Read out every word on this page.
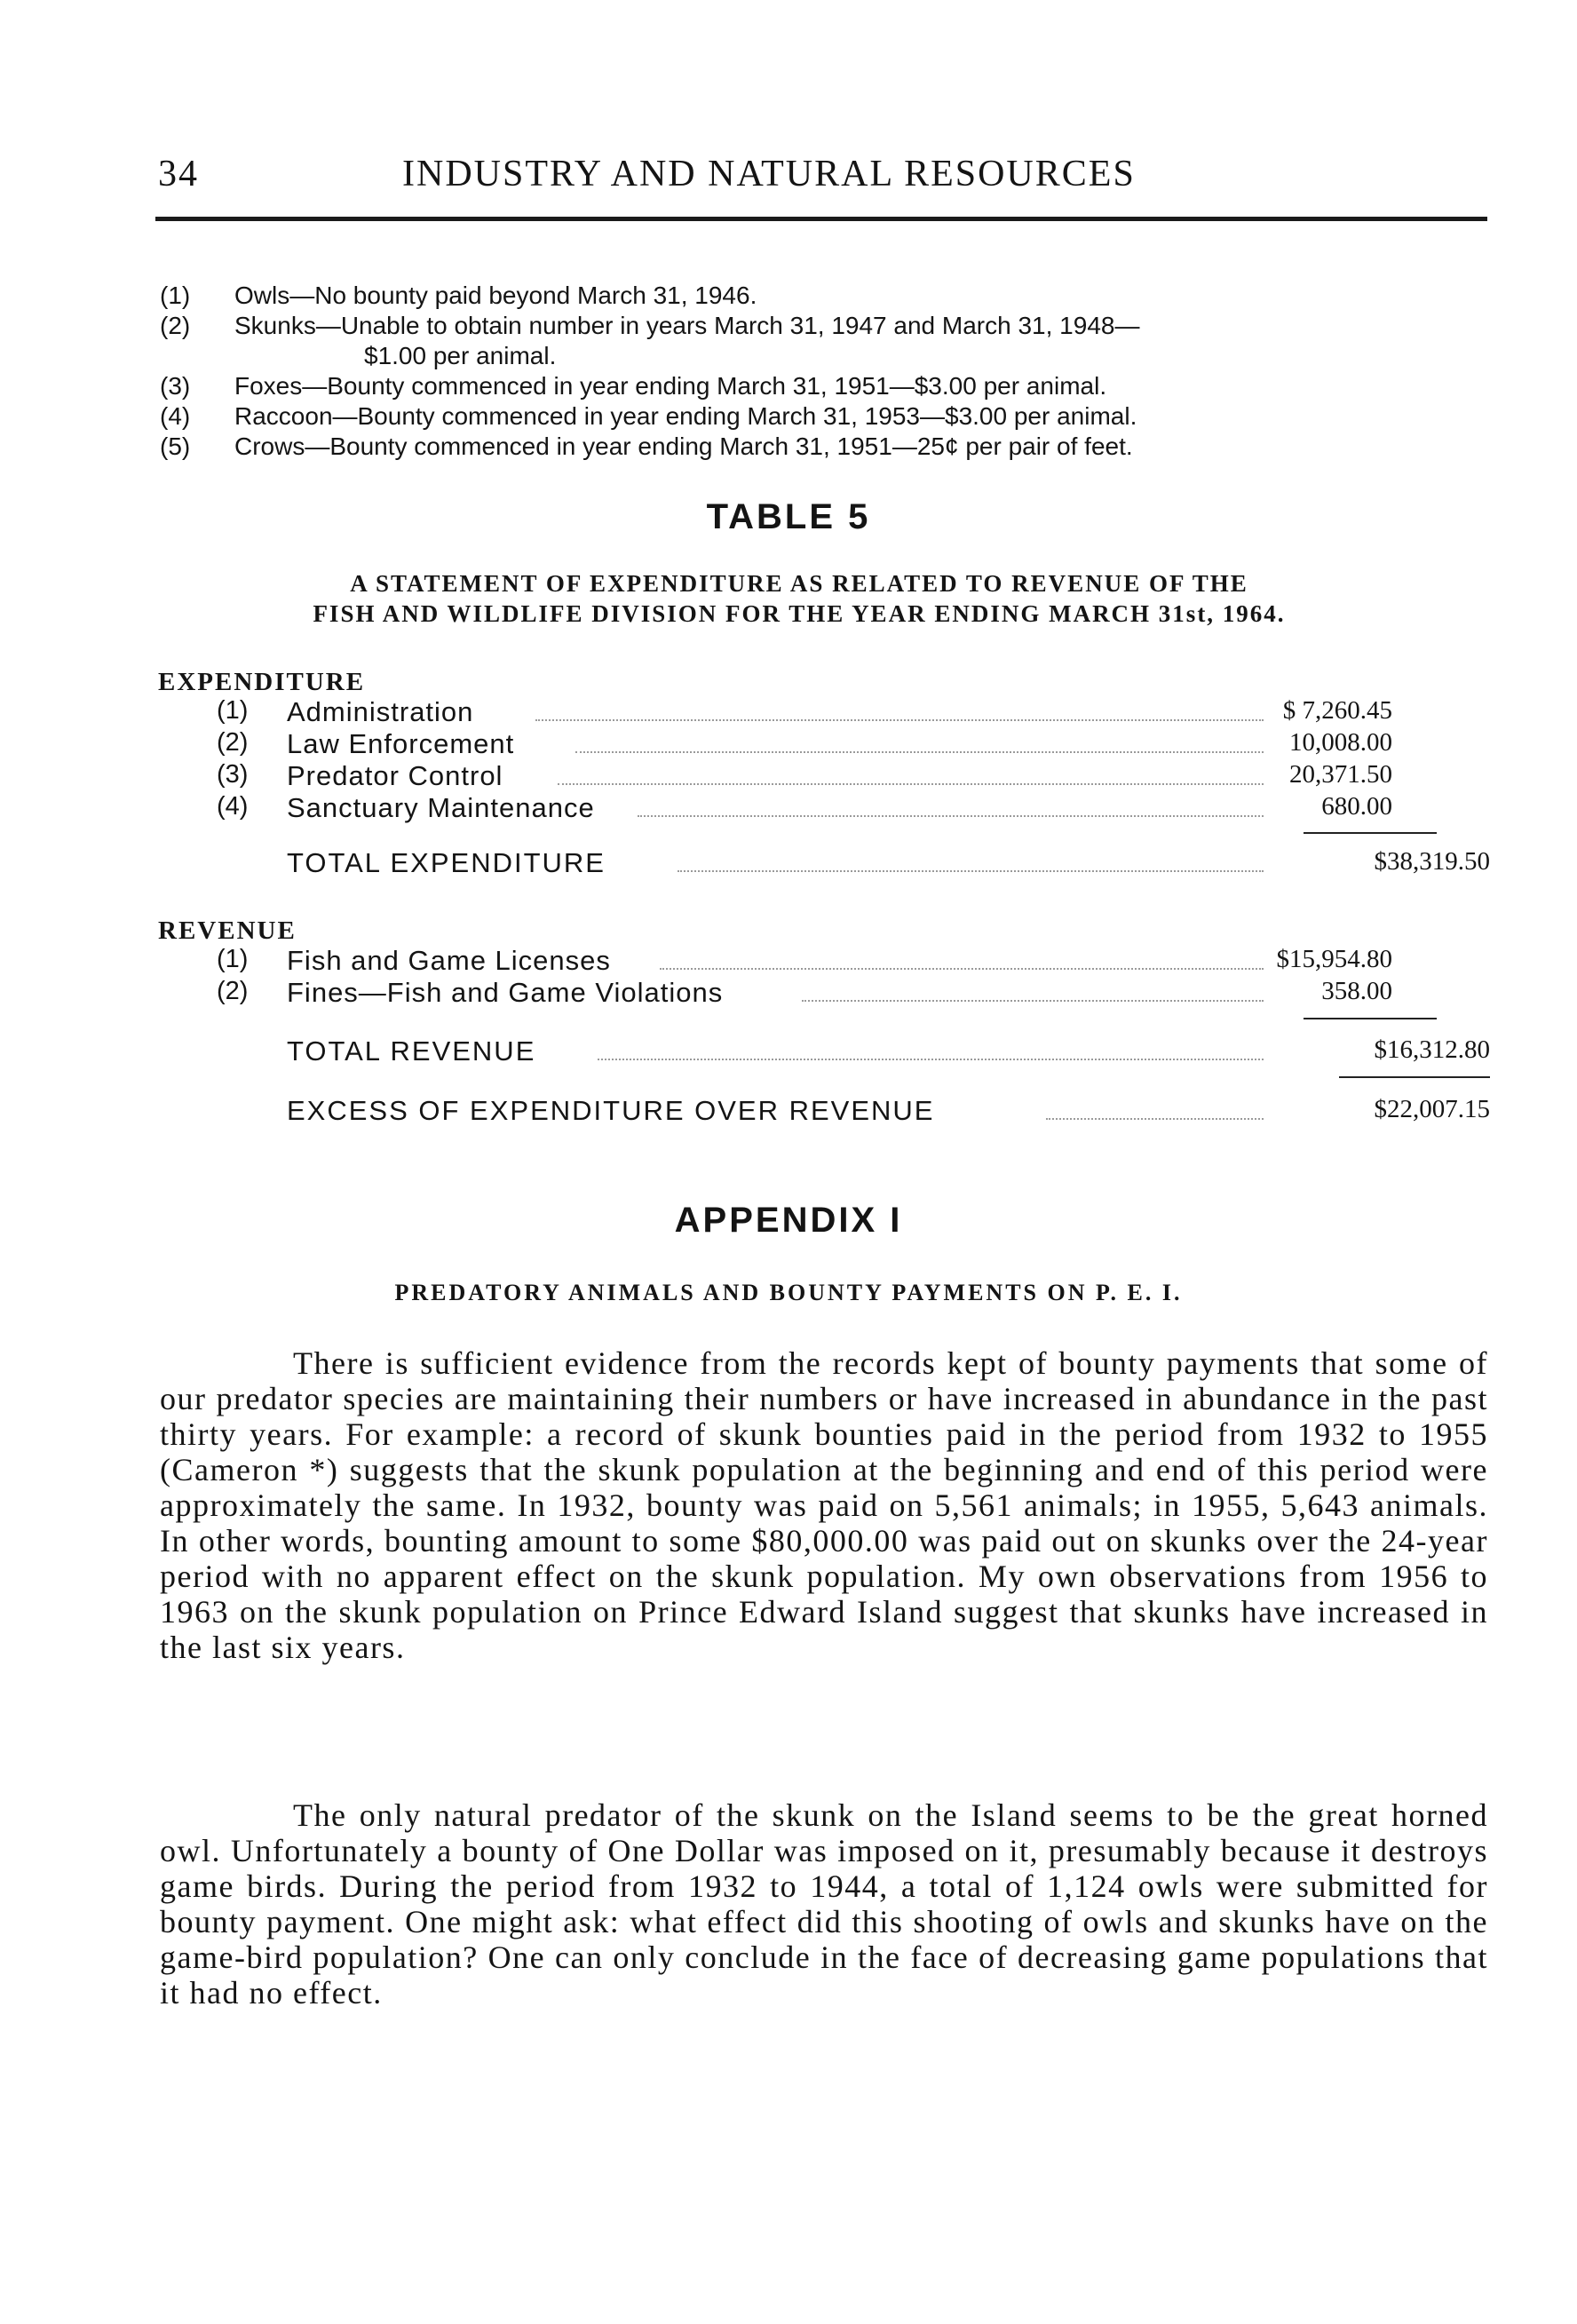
34	INDUSTRY AND NATURAL RESOURCES
(1)	Owls—No bounty paid beyond March 31, 1946.
(2)	Skunks—Unable to obtain number in years March 31, 1947 and March 31, 1948—
$1.00 per animal.
(3)	Foxes—Bounty commenced in year ending March 31, 1951—$3.00 per animal.
(4)	Raccoon—Bounty commenced in year ending March 31, 1953—$3.00 per animal.
(5)	Crows—Bounty commenced in year ending March 31, 1951—25¢ per pair of feet.
TABLE 5
A STATEMENT OF EXPENDITURE AS RELATED TO REVENUE OF THE
FISH AND WILDLIFE DIVISION FOR THE YEAR ENDING MARCH 31st, 1964.
EXPENDITURE
(1) Administration	$ 7,260.45
(2) Law Enforcement	10,008.00
(3) Predator Control	20,371.50
(4) Sanctuary Maintenance	680.00
TOTAL EXPENDITURE	$38,319.50
REVENUE
(1) Fish and Game Licenses	$15,954.80
(2) Fines—Fish and Game Violations	358.00
TOTAL REVENUE	$16,312.80
EXCESS OF EXPENDITURE OVER REVENUE	$22,007.15
APPENDIX I
PREDATORY ANIMALS AND BOUNTY PAYMENTS ON P. E. I.

There is sufficient evidence from the records kept of bounty payments that some of our predator species are maintaining their numbers or have increased in abundance in the past thirty years. For example: a record of skunk bounties paid in the period from 1932 to 1955 (Cameron *) suggests that the skunk population at the beginning and end of this period were approximately the same. In 1932, bounty was paid on 5,561 animals; in 1955, 5,643 animals. In other words, bounting amount to some $80,000.00 was paid out on skunks over the 24-year period with no apparent effect on the skunk population. My own observations from 1956 to 1963 on the skunk population on Prince Edward Island suggest that skunks have increased in the last six years.

The only natural predator of the skunk on the Island seems to be the great horned owl. Unfortunately a bounty of One Dollar was imposed on it, presumably because it destroys game birds. During the period from 1932 to 1944, a total of 1,124 owls were submitted for bounty payment. One might ask: what effect did this shooting of owls and skunks have on the game-bird population? One can only conclude in the face of decreasing game populations that it had no effect.
